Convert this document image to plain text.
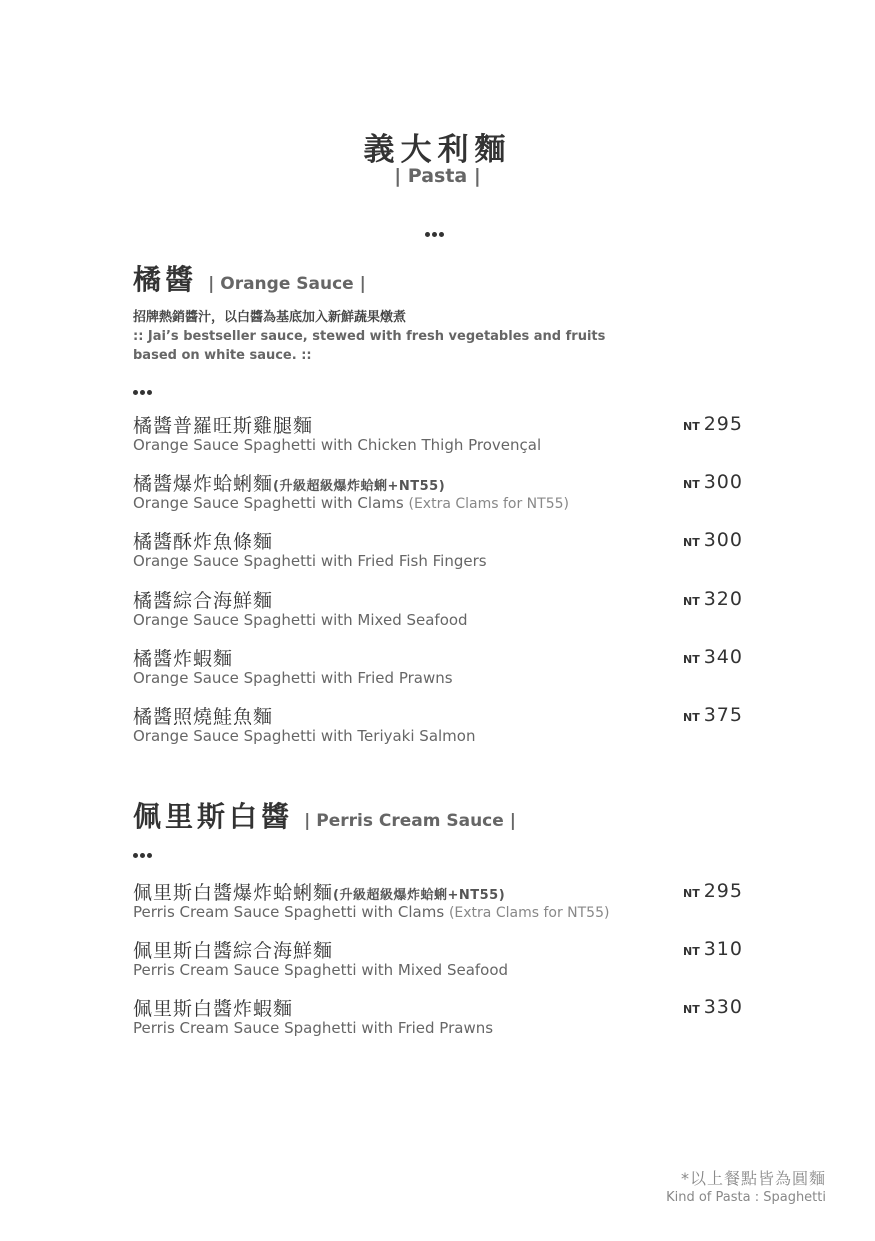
義大利麵
| Pasta |
橘醬 | Orange Sauce |
招牌熱銷醬汁，以白醬為基底加入新鮮蔬果燉煮
:: Jai’s bestseller sauce, stewed with fresh vegetables and fruits
based on white sauce. ::
橘醬普羅旺斯雞腿麵
Orange Sauce Spaghetti with Chicken Thigh Provençal
NT 295
橘醬爆炸蛤蜊麵(升級超級爆炸蛤蜊+NT55)
Orange Sauce Spaghetti with Clams (Extra Clams for NT55)
NT 300
橘醬酥炸魚條麵
Orange Sauce Spaghetti with Fried Fish Fingers
NT 300
橘醬綜合海鮮麵
Orange Sauce Spaghetti with Mixed Seafood
NT 320
橘醬炸蝦麵
Orange Sauce Spaghetti with Fried Prawns
NT 340
橘醬照燒鮭魚麵
Orange Sauce Spaghetti with Teriyaki Salmon
NT 375
佩里斯白醬 | Perris Cream Sauce |
佩里斯白醬爆炸蛤蜊麵(升級超級爆炸蛤蜊+NT55)
Perris Cream Sauce Spaghetti with Clams (Extra Clams for NT55)
NT 295
佩里斯白醬綜合海鮮麵
Perris Cream Sauce Spaghetti with Mixed Seafood
NT 310
佩里斯白醬炸蝦麵
Perris Cream Sauce Spaghetti with Fried Prawns
NT 330
*以上餐點皆為圓麵
Kind of Pasta : Spaghetti
